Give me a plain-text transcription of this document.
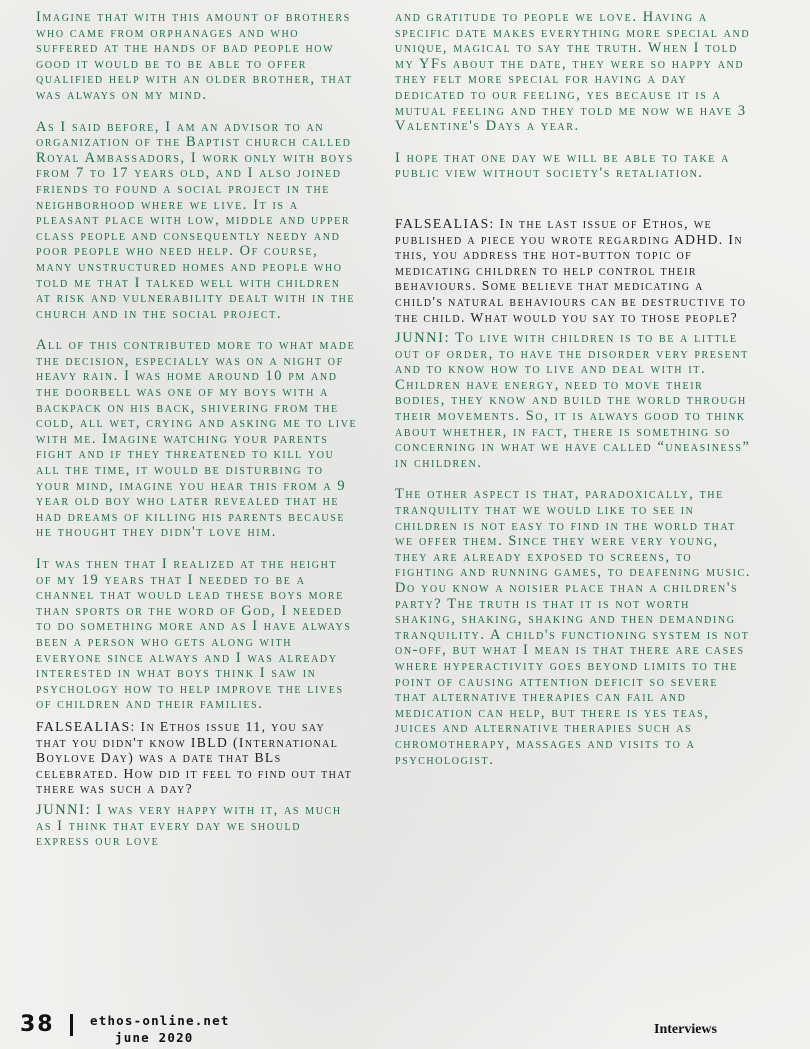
Imagine that with this amount of brothers who came from orphanages and who suffered at the hands of bad people how good it would be to be able to offer qualified help with an older brother, that was always on my mind.

As I said before, I am an advisor to an organization of the Baptist church called Royal Ambassadors, I work only with boys from 7 to 17 years old, and I also joined friends to found a social project in the neighborhood where we live. It is a pleasant place with low, middle and upper class people and consequently needy and poor people who need help. Of course, many unstructured homes and people who told me that I talked well with children at risk and vulnerability dealt with in the church and in the social project.

All of this contributed more to what made the decision, especially was on a night of heavy rain. I was home around 10 pm and the doorbell was one of my boys with a backpack on his back, shivering from the cold, all wet, crying and asking me to live with me. Imagine watching your parents fight and if they threatened to kill you all the time, it would be disturbing to your mind, imagine you hear this from a 9 year old boy who later revealed that he had dreams of killing his parents because he thought they didn't love him.

It was then that I realized at the height of my 19 years that I needed to be a channel that would lead these boys more than sports or the word of God, I needed to do something more and as I have always been a person who gets along with everyone since always and I was already interested in what boys think I saw in psychology how to help improve the lives of children and their families.

FALSEALIAS: In Ethos issue 11, you say that you didn't know IBLD (International Boylove Day) was a date that BLs celebrated. How did it feel to find out that there was such a day?

JUNNI: I was very happy with it, as much as I think that every day we should express our love

and gratitude to people we love. Having a specific date makes everything more special and unique, magical to say the truth. When I told my YFs about the date, they were so happy and they felt more special for having a day dedicated to our feeling, yes because it is a mutual feeling and they told me now we have 3 Valentine's Days a year.

I hope that one day we will be able to take a public view without society's retaliation.

FALSEALIAS: In the last issue of Ethos, we published a piece you wrote regarding ADHD. In this, you address the hot-button topic of medicating children to help control their behaviours. Some believe that medicating a child's natural behaviours can be destructive to the child. What would you say to those people?

JUNNI: To live with children is to be a little out of order, to have the disorder very present and to know how to live and deal with it. Children have energy, need to move their bodies, they know and build the world through their movements. So, it is always good to think about whether, in fact, there is something so concerning in what we have called “uneasiness” in children.

The other aspect is that, paradoxically, the tranquility that we would like to see in children is not easy to find in the world that we offer them. Since they were very young, they are already exposed to screens, to fighting and running games, to deafening music. Do you know a noisier place than a children's party? The truth is that it is not worth shaking, shaking, shaking and then demanding tranquility. A child's functioning system is not on-off, but what I mean is that there are cases where hyperactivity goes beyond limits to the point of causing attention deficit so severe that alternative therapies can fail and medication can help, but there is yes teas, juices and alternative therapies such as chromotherapy, massages and visits to a psychologist.

38	ethos-online.net
june 2020
Interviews
